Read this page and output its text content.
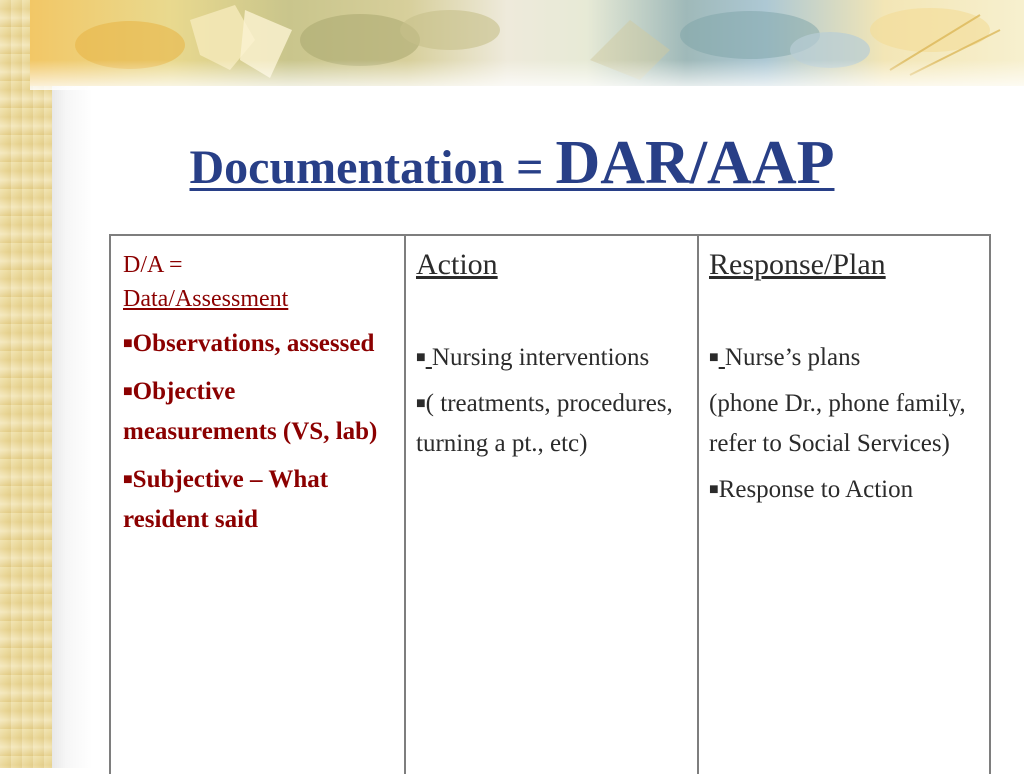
Documentation = DAR/AAP
D/A =
Data/Assessment

■Observations, assessed

■Objective measurements (VS, lab)

■Subjective – What resident said

Action

■ Nursing interventions

■( treatments, procedures, turning a pt., etc)

Response/Plan

■ Nurse’s plans

(phone Dr., phone family, refer to Social Services)

■Response to Action
